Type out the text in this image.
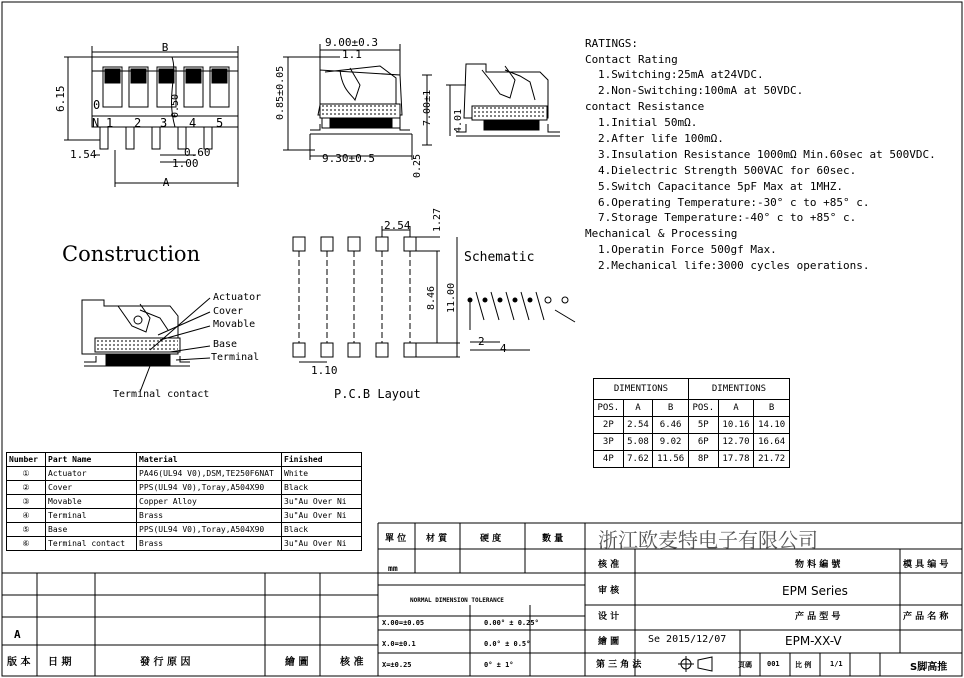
B
6.15 0
N 1 2 3 4 5
0.50
1.54	0.60
1.00
A
9.00±0.3
1.1
0.85±0.05	7.00±1
9.30±0.5	0.25
4.01
2.54 1.27
8.46 11.00
1.10
2
4
Construction
Actuator
Cover
Movable
Base
Terminal
Terminal contact	P.C.B Layout
Schematic
RATINGS:
Contact Rating
1.Switching:25mA at24VDC.
2.Non-Switching:100mA at 50VDC.
contact Resistance
1.Initial 50mΩ.
2.After life 100mΩ.
3.Insulation Resistance 1000mΩ Min.60sec at 500VDC.
4.Dielectric Strength 500VAC for 60sec.
5.Switch Capacitance 5pF Max at 1MHZ.
6.Operating Temperature:-30° c to +85° c.
7.Storage Temperature:-40° c to +85° c.
Mechanical & Processing
1.Operatin Force 500gf Max.
2.Mechanical life:3000 cycles operations.
DIMENTIONS			DIMENTIONS		
POS.	A	B	POS.	A	B
2P	2.54	6.46	5P	10.16	14.10
3P	5.08	9.02	6P	12.70	16.64
4P	7.62	11.56	8P	17.78	21.72
Number	Part Name	Material	Finished
①	Actuator	PA46(UL94 V0),DSM,TE250F6NAT	White
②	Cover	PPS(UL94 V0),Toray,A504X90	Black
③	Movable	Copper Alloy	3u"Au Over Ni
④	Terminal	Brass	3u"Au Over Ni
⑤	Base	PPS(UL94 V0),Toray,A504X90	Black
⑥	Terminal contact	Brass	3u"Au Over Ni
A
版 本 日 期	發 行 原 因	繪 圖	核 准
單 位 材 質	硬 度	數 量
mm
浙江欧麦特电子有限公司
NORMAL DIMENSION TOLERANCE
X.00=±0.05	0.00° ± 0.25°
X.0=±0.1	0.0° ± 0.5°
X=±0.25	0° ± 1°
核 准
审 核
设 计
繪 圖	Se 2015/12/07
第 三 角 法
物 料 編 號
EPM Series
产 品 型 号
EPM-XX-V
模 具 编 号
产 品 名 称
頁碼 001 比 例	1/1	S脚高推
